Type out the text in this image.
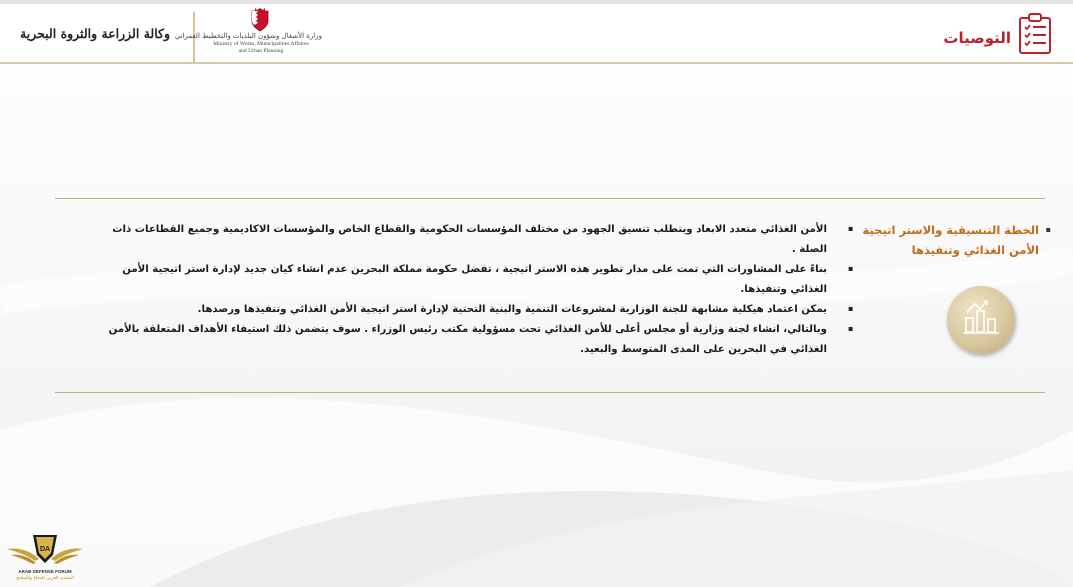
وكالة الزراعة والثروة البحرية وزارة الأشغال وشؤون البلديات والتخطيط العمراني
Ministry of Works, Municipalities Affaires
and Urban Planning
التوصيات
▪
الخطة التنسيقية والاستر اتيجية
الأمن الغذائي وتنفيذها
الأمن الغذائي متعدد الابعاد ويتطلب تنسيق الجهود من مختلف المؤسسات الحكومية والقطاع الخاص والمؤسسات الاكاديمية وجميع القطاعات ذات
الصلة .
بناءً على المشاورات التي تمت على مدار تطوير هذه الاستر اتيجية ، تفضل حكومة مملكة البحرين عدم انشاء كيان جديد لإدارة استر اتيجية الأمن
الغذائي وتنفيذها.
يمكن اعتماد هيكلية مشابهة للجنة الوزارية لمشروعات التنمية والبنية التحتية لإدارة استر اتيجية الأمن الغذائي وتنفيذها ورصدها.
وبالتالي، انشاء لجنة وزارية أو مجلس أعلى للأمن الغذائي تحت مسؤولية مكتب رئيس الوزراء . سوف يتضمن ذلك استيفاء الأهداف المتعلقة بالأمن
الغذائي في البحرين على المدى المتوسط والبعيد.
▪
▪
▪
▪
DA
ARAB DEFENSE FORUM
المنتدى العربي للدفاع والتسليح
